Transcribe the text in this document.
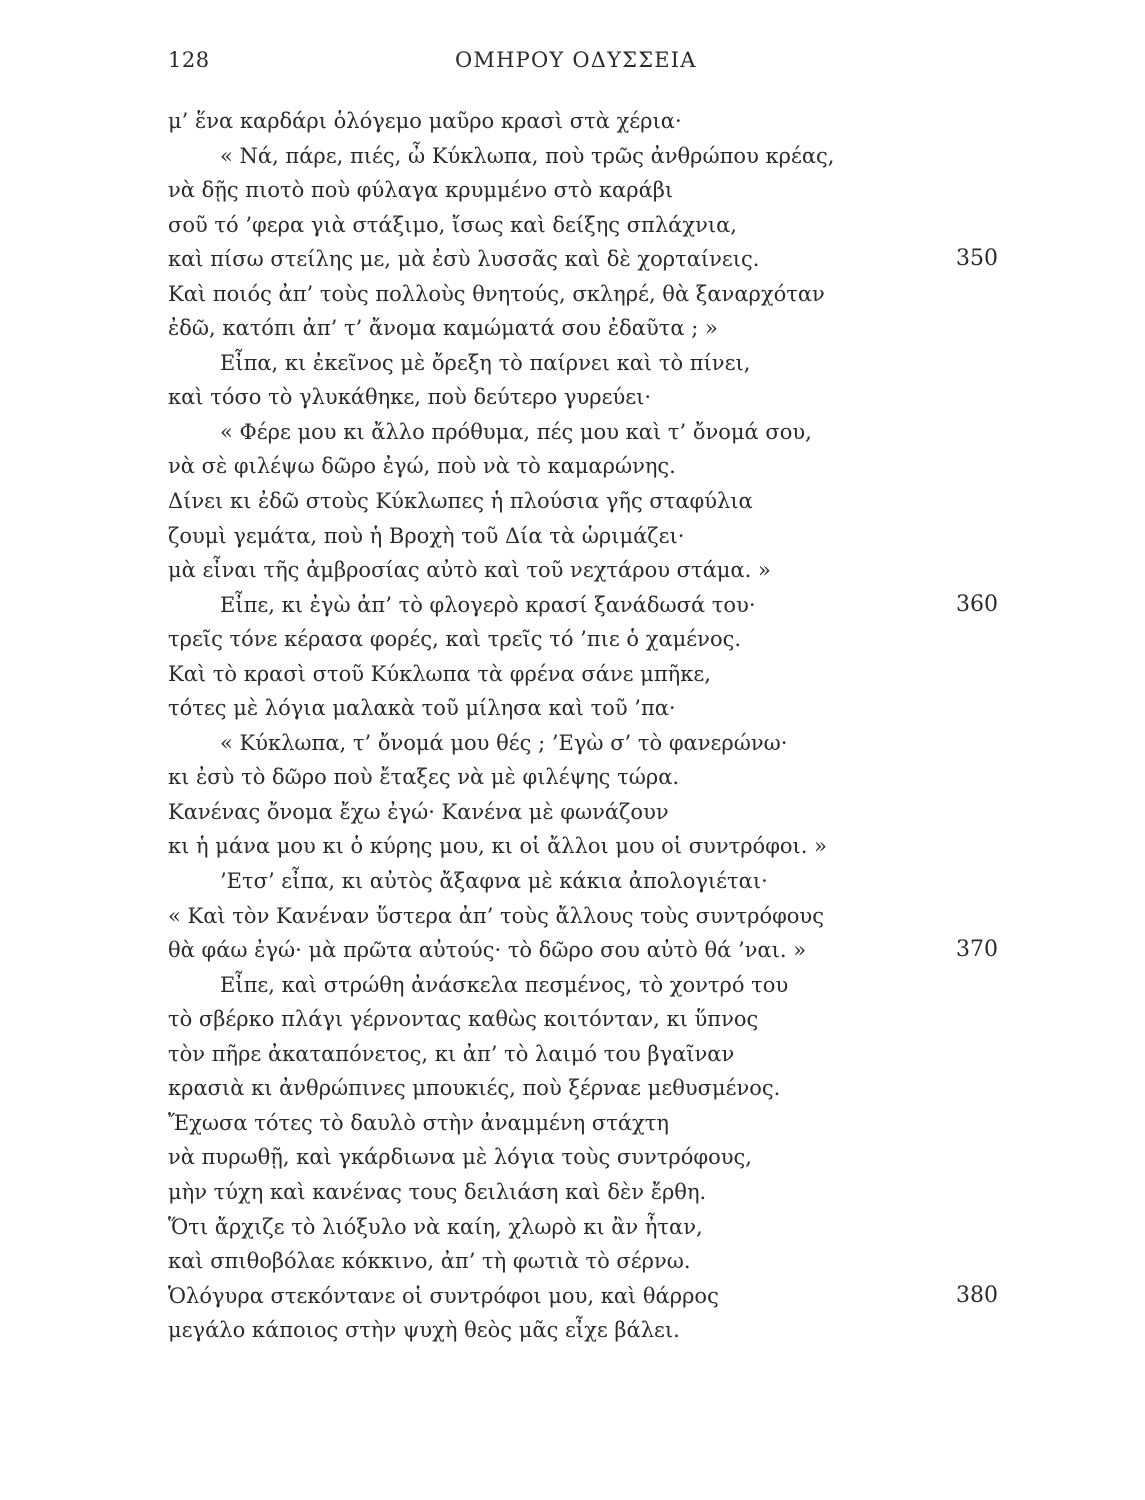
128	ΟΜΗΡΟΥ ΟΔΥΣΣΕΙΑ
μ’ ἕνα καρδάρι ὁλόγεμο μαῦρο κρασὶ στὰ χέρια·
« Νά, πάρε, πιές, ὦ Κύκλωπα, ποὺ τρῶς ἀνθρώπου κρέας,
νὰ δῇς πιοτὸ ποὺ φύλαγα κρυμμένο στὸ καράβι
σοῦ τό ’φερα γιὰ στάξιμο, ἴσως καὶ δείξης σπλάχνια,
καὶ πίσω στείλης με, μὰ ἐσὺ λυσσᾶς καὶ δὲ χορταίνεις.	350
Καὶ ποιός ἀπ’ τοὺς πολλοὺς θνητούς, σκληρέ, θὰ ξαναρχόταν
ἐδῶ, κατόπι ἀπ’ τ’ ἄνομα καμώματά σου ἐδαῦτα ; »
Εἶπα, κι ἐκεῖνος μὲ ὄρεξη τὸ παίρνει καὶ τὸ πίνει,
καὶ τόσο τὸ γλυκάθηκε, ποὺ δεύτερο γυρεύει·
« Φέρε μου κι ἄλλο πρόθυμα, πές μου καὶ τ’ ὄνομά σου,
νὰ σὲ φιλέψω δῶρο ἐγώ, ποὺ νὰ τὸ καμαρώνης.
Δίνει κι ἐδῶ στοὺς Κύκλωπες ἡ πλούσια γῆς σταφύλια
ζουμὶ γεμάτα, ποὺ ἡ Βροχὴ τοῦ Δία τὰ ὡριμάζει·
μὰ εἶναι τῆς ἀμβροσίας αὐτὸ καὶ τοῦ νεχτάρου στάμα. »
Εἶπε, κι ἐγὼ ἀπ’ τὸ φλογερὸ κρασί ξανάδωσά του·	360
τρεῖς τόνε κέρασα φορές, καὶ τρεῖς τό ’πιε ὁ χαμένος.
Καὶ τὸ κρασὶ στοῦ Κύκλωπα τὰ φρένα σάνε μπῆκε,
τότες μὲ λόγια μαλακὰ τοῦ μίλησα καὶ τοῦ ’πα·
« Κύκλωπα, τ’ ὄνομά μου θές ; ’Εγὼ σ’ τὸ φανερώνω·
κι ἐσὺ τὸ δῶρο ποὺ ἔταξες νὰ μὲ φιλέψης τώρα.
Κανένας ὄνομα ἔχω ἐγώ· Κανένα μὲ φωνάζουν
κι ἡ μάνα μου κι ὁ κύρης μου, κι οἱ ἄλλοι μου οἱ συντρόφοι. »
’Ετσ’ εἶπα, κι αὐτὸς ἄξαφνα μὲ κάκια ἀπολογιέται·
« Καὶ τὸν Κανέναν ὕστερα ἀπ’ τοὺς ἄλλους τοὺς συντρόφους
θὰ φάω ἐγώ· μὰ πρῶτα αὐτούς· τὸ δῶρο σου αὐτὸ θά ’ναι. »	370
Εἶπε, καὶ στρώθη ἀνάσκελα πεσμένος, τὸ χοντρό του
τὸ σβέρκο πλάγι γέρνοντας καθὼς κοιτόνταν, κι ὕπνος
τὸν πῆρε ἀκαταπόνετος, κι ἀπ’ τὸ λαιμό του βγαῖναν
κρασιὰ κι ἀνθρώπινες μπουκιές, ποὺ ξέρναε μεθυσμένος.
Ἔχωσα τότες τὸ δαυλὸ στὴν ἀναμμένη στάχτη
νὰ πυρωθῇ, καὶ γκάρδιωνα μὲ λόγια τοὺς συντρόφους,
μὴν τύχη καὶ κανένας τους δειλιάση καὶ δὲν ἔρθη.
Ὅτι ἄρχιζε τὸ λιόξυλο νὰ καίη, χλωρὸ κι ἂν ἦταν,
καὶ σπιθοβόλαε κόκκινο, ἀπ’ τὴ φωτιὰ τὸ σέρνω.
Ὁλόγυρα στεκόντανε οἱ συντρόφοι μου, καὶ θάρρος	380
μεγάλο κάποιος στὴν ψυχὴ θεὸς μᾶς εἶχε βάλει.
